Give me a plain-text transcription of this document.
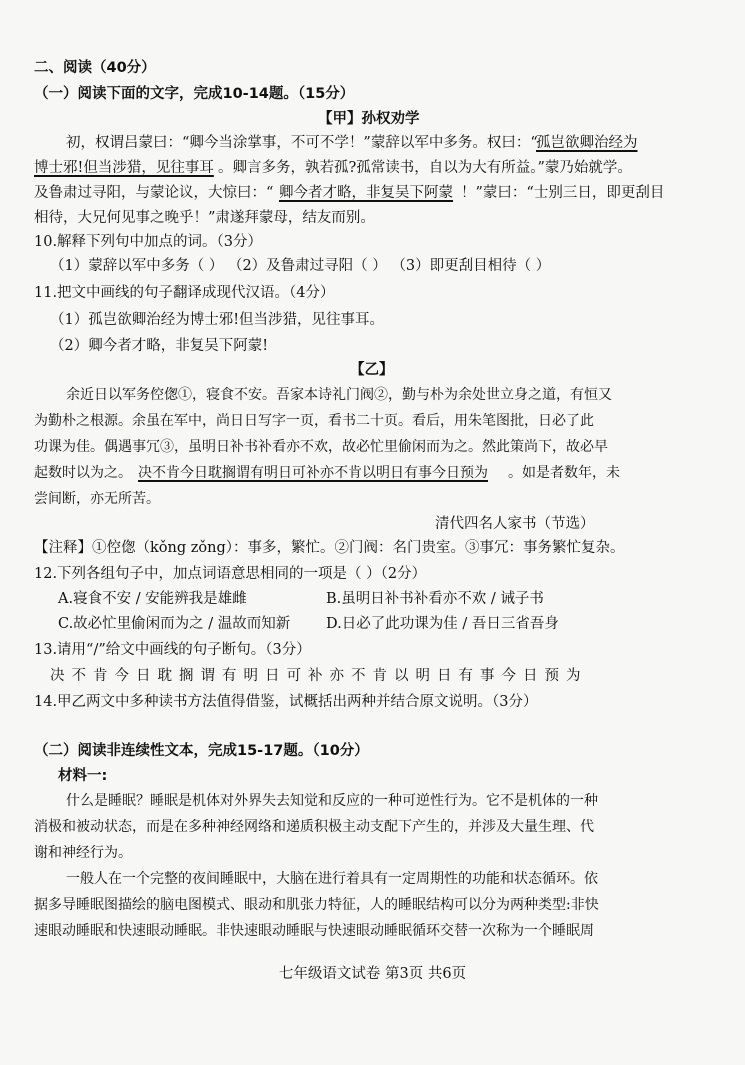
二、阅读（40分）
（一）阅读下面的文字，完成10-14题。（15分）
【甲】孙权劝学
初，权谓吕蒙曰：“卿今当涂掌事，不可不学！”蒙辞以军中多务。权曰：“
孤岂欲卿治经为
博士邪!但当涉猎，见往事耳 。卿言多务，孰若孤?孤常读书，自以为大有所益。”蒙乃始就学。
及鲁肃过寻阳，与蒙论议，大惊曰：“ 卿今者才略，非复吴下阿蒙 ！”蒙曰：“士别三日，即更刮目
相待，大兄何见事之晚乎！”肃遂拜蒙母，结友而别。
10.解释下列句中加点的词。（3分）
（1）蒙辞以军中多务（ ） （2）及鲁肃过寻阳（ ） （3）即更刮目相待（ ）
11.把文中画线的句子翻译成现代汉语。（4分）
（1）孤岂欲卿治经为博士邪!但当涉猎，见往事耳。
（2）卿今者才略，非复吴下阿蒙!
【乙】
余近日以军务倥偬①，寝食不安。吾家本诗礼门阀②，勤与朴为余处世立身之道，有恒又
为勤朴之根源。余虽在军中，尚日日写字一页，看书二十页。看后，用朱笔图批，日必了此
功课为佳。偶遇事冗③，虽明日补书补看亦不欢，故必忙里偷闲而为之。然此策尚下，故必早
起数时以为之。 决不肯今日耽搁谓有明日可补亦不肯以明日有事今日预为 。如是者数年，未
尝间断，亦无所苦。
清代四名人家书（节选）
【注释】①倥偬（kǒng zǒng）：事多，繁忙。②门阀：名门贵室。③事冗：事务繁忙复杂。
12.下列各组句子中，加点词语意思相同的一项是（ ）（2分）
A.寝食不安 / 安能辨我是雄雌	B.虽明日补书补看亦不欢 / 诫子书
C.故必忙里偷闲而为之 / 温故而知新 D.日必了此功课为佳 / 吾日三省吾身
13.请用“/”给文中画线的句子断句。（3分）
决不肯今日耽搁谓有明日可补亦不肯以明日有事今日预为
14.甲乙两文中多种读书方法值得借鉴，试概括出两种并结合原文说明。（3分）
（二）阅读非连续性文本，完成15-17题。（10分）
材料一:
什么是睡眠？睡眠是机体对外界失去知觉和反应的一种可逆性行为。它不是机体的一种
消极和被动状态，而是在多种神经网络和递质积极主动支配下产生的，并涉及大量生理、代
谢和神经行为。
一般人在一个完整的夜间睡眠中，大脑在进行着具有一定周期性的功能和状态循环。依
据多导睡眠图描绘的脑电图模式、眼动和肌张力特征，人的睡眠结构可以分为两种类型:非快
速眼动睡眠和快速眼动睡眠。非快速眼动睡眠与快速眼动睡眠循环交替一次称为一个睡眠周
七年级语文试卷 第3页 共6页
